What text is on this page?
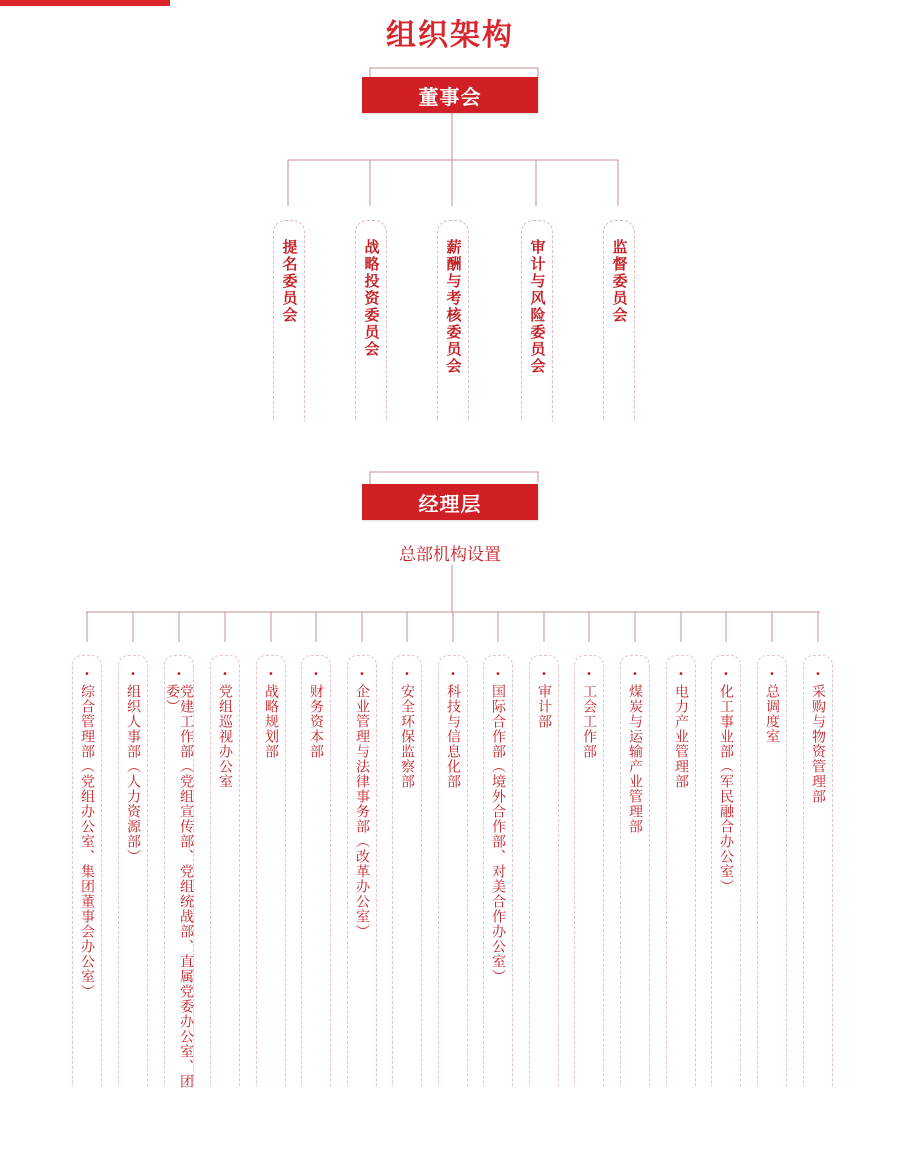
组织架构
董事会
提名委员会	战略投资委员会	薪酬与考核委员会	审计与风险委员会	监督委员会
经理层
总部机构设置
•
综合管理部（党组办公室、集团董事会办公室）
•
组织人事部（人力资源部）
•
党建工作部（党组宣传部、党组统战部、直属党委办公室、团委）
•
党组巡视办公室
•
战略规划部
•
财务资本部
•
企业管理与法律事务部（改革办公室）
•
安全环保监察部
•
科技与信息化部
•
国际合作部（境外合作部、对美合作办公室）
•
审计部
•
工会工作部
•
煤炭与运输产业管理部
•
电力产业管理部
•
化工事业部（军民融合办公室）
•
总调度室
•
采购与物资管理部
